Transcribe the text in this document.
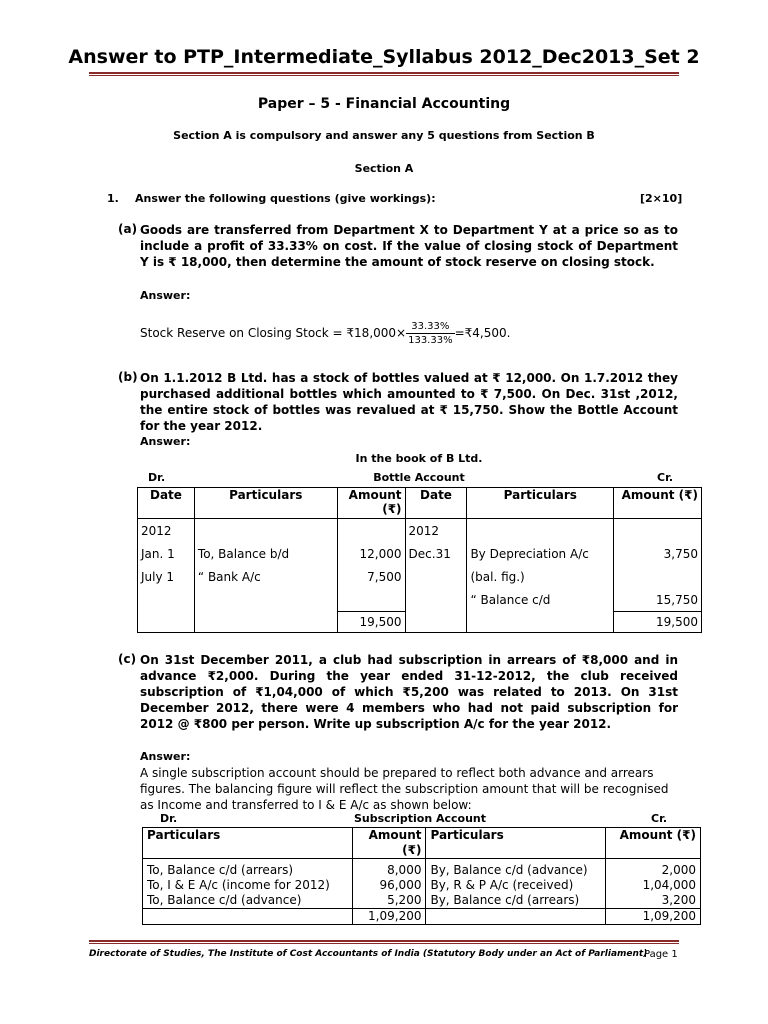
Answer to PTP_Intermediate_Syllabus 2012_Dec2013_Set 2
Paper – 5 - Financial Accounting
Section A is compulsory and answer any 5 questions from Section B
Section A
1. Answer the following questions (give workings):	[2×10]
(a) Goods are transferred from Department X to Department Y at a price so as to include a profit of 33.33% on cost. If the value of closing stock of Department Y is ₹ 18,000, then determine the amount of stock reserve on closing stock.
Answer:
Stock Reserve on Closing Stock = ₹18,000× $\frac{33.33\%}{133.33\%}$ =₹4,500.
(b) On 1.1.2012 B Ltd. has a stock of bottles valued at ₹ 12,000. On 1.7.2012 they purchased additional bottles which amounted to ₹ 7,500. On Dec. 31st ,2012, the entire stock of bottles was revalued at ₹ 15,750. Show the Bottle Account for the year 2012.
Answer:
In the book of B Ltd.
Dr.	Bottle Account	Cr.
Date	Particulars	Amount (₹)	Date	Particulars	Amount (₹)
2012			2012		
Jan. 1	To, Balance b/d	12,000	Dec.31	By Depreciation A/c	3,750
July 1	“ Bank A/c	7,500		(bal. fig.)	
				“ Balance c/d	15,750
		19,500			19,500
(c) On 31st December 2011, a club had subscription in arrears of ₹8,000 and in advance ₹2,000. During the year ended 31-12-2012, the club received subscription of ₹1,04,000 of which ₹5,200 was related to 2013. On 31st December 2012, there were 4 members who had not paid subscription for 2012 @ ₹800 per person. Write up subscription A/c for the year 2012.
Answer:
A single subscription account should be prepared to reflect both advance and arrears figures. The balancing figure will reflect the subscription amount that will be recognised as Income and transferred to I & E A/c as shown below:
Dr.	Subscription Account	Cr.
Particulars	Amount (₹)	Particulars	Amount (₹)
To, Balance c/d (arrears)	8,000	By, Balance c/d (advance)	2,000
To, I & E A/c (income for 2012)	96,000	By, R & P A/c (received)	1,04,000
To, Balance c/d (advance)	5,200	By, Balance c/d (arrears)	3,200
	1,09,200		1,09,200
Directorate of Studies, The Institute of Cost Accountants of India (Statutory Body under an Act of Parliament)
Page 1
